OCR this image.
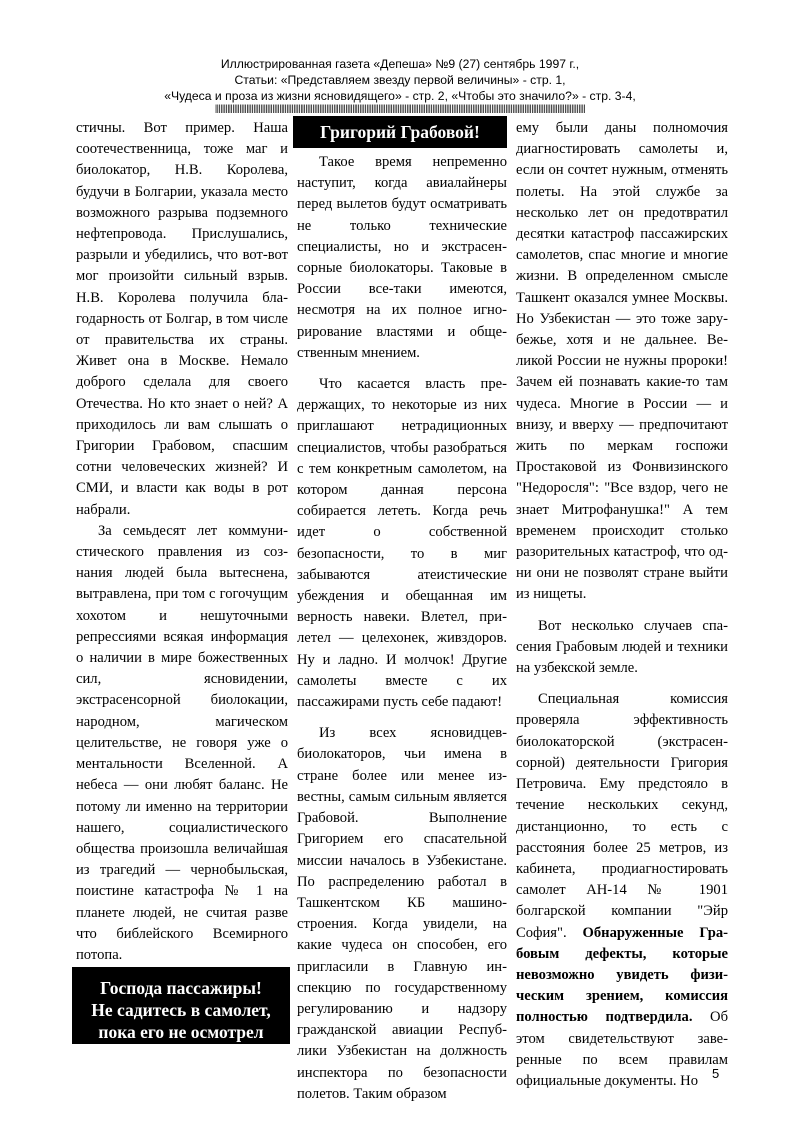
Иллюстрированная газета «Депеша» №9 (27) сентябрь 1997 г.,
Статьи: «Представляем звезду первой величины» - стр. 1,
«Чудеса и проза из жизни ясновидящего» - стр. 2, «Чтобы это значило?» - стр. 3-4,
|||||||||||||||||||||||||||||||||||||||||||||||||||||||||||||||||||||||||||||||||||||||||||||||||||||||||||||||||||||||||||||||||||||||||||||||||||||||||||||||||||||||||||||||||||||||||||||||||||||||||||||||||||||

стичны. Вот пример. Наша соотечественница, тоже маг и биолокатор, Н.В. Королева, будучи в Болгарии, указала место возможного разрыва подземного нефтепровода. Прислушались, разрыли и убедились, что вот-вот мог произойти сильный взрыв. Н.В. Королева получила благодарность от Болгар, в том числе от правительства их страны. Живет она в Москве. Немало доброго сделала для своего Отечества. Но кто знает о ней? А приходилось ли вам слышать о Григории Грабовом, спасшим сотни человеческих жизней? И СМИ, и власти как воды в рот набрали.

За семьдесят лет коммунистического правления из сознания людей была вытеснена, вытравлена, при том с гогочущим хохотом и нешуточными репрессиями всякая информация о наличии в мире божественных сил, ясновидении, экстрасенсорной биолокации, народном, магическом целительстве, не говоря уже о ментальности Вселенной. А небеса — они любят баланс. Не потому ли именно на территории нашего, социалистического общества произошла величайшая из трагедий — чернобыльская, поистине катастрофа № 1 на планете людей, не считая разве что библейского Всемирного потопа.

Григорий Грабовой!

Такое время непременно наступит, когда авиалайнеры перед вылетов будут осматривать не только технические специалисты, но и экстрасенсорные биолокаторы. Таковые в России все-таки имеются, несмотря на их полное игнорирование властями и общественным мнением.

Что касается власть предержащих, то некоторые из них приглашают нетрадиционных специалистов, чтобы разобраться с тем конкретным самолетом, на котором данная персона собирается лететь. Когда речь идет о собственной безопасности, то в миг забываются атеистические убеждения и обещанная им верность навеки. Влетел, прилетел — целехонек, живздоров. Ну и ладно. И молчок! Другие самолеты вместе с их пассажирами пусть себе падают!

Из всех ясновидцев-биолокаторов, чьи имена в стране более или менее известны, самым сильным является Грабовой. Выполнение Григорием его спасательной миссии началось в Узбекистане. По распределению работал в Ташкентском КБ машиностроения. Когда увидели, на какие чудеса он способен, его пригласили в Главную инспекцию по государственному регулированию и надзору гражданской авиации Республики Узбекистан на должность инспектора по безопасности полетов. Таким образом

ему были даны полномочия диагностировать самолеты и, если он сочтет нужным, отменять полеты. На этой службе за несколько лет он предотвратил десятки катастроф пассажирских самолетов, спас многие и многие жизни. В определенном смысле Ташкент оказался умнее Москвы. Но Узбекистан — это тоже зарубежье, хотя и не дальнее. Великой России не нужны пророки! Зачем ей познавать какие-то там чудеса. Многие в России — и внизу, и вверху — предпочитают жить по меркам госпожи Простаковой из Фонвизинского "Недоросля": "Все вздор, чего не знает Митрофанушка!" А тем временем происходит столько разорительных катастроф, что одни они не позволят стране выйти из нищеты.

Вот несколько случаев спасения Грабовым людей и техники на узбекской земле.

Специальная комиссия проверяла эффективность биолокаторской (экстрасенсорной) деятельности Григория Петровича. Ему предстояло в течение нескольких секунд, дистанционно, то есть с расстояния более 25 метров, из кабинета, продиагностировать самолет АН-14 № 1901 болгарской компании "Эйр София". Обнаруженные Грабовым дефекты, которые невозможно увидеть физическим зрением, комиссия полностью подтвердила. Об этом свидетельствуют заверенные по всем правилам официальные документы. Но

Господа пассажиры!
Не садитесь в самолет,
пока его не осмотрел
5
